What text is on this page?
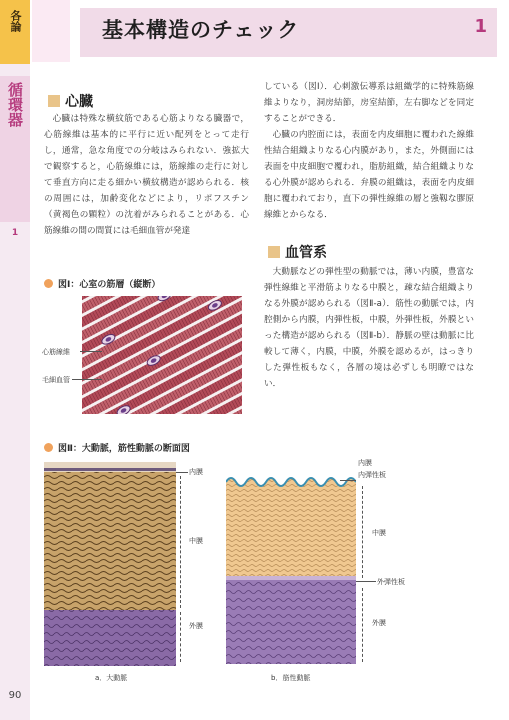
各論
循環器
1
90
基本構造のチェック	1
心臓

心臓は特殊な横紋筋である心筋よりなる臓器で，心筋線維は基本的に平行に近い配列をとって走行し，通常，急な角度での分岐はみられない．強拡大で観察すると，心筋線維には，筋線維の走行に対して垂直方向に走る細かい横紋構造が認められる．核の周囲には，加齢変化などにより，リポフスチン（黄褐色の顆粒）の沈着がみられることがある．心筋線維の間の間質には毛細血管が発達

している（図Ⅰ）．心刺激伝導系は組織学的に特殊筋線維よりなり，洞房結節，房室結節，左右脚などを同定することができる．

心臓の内腔面には，表面を内皮細胞に覆われた線維性結合組織よりなる心内膜があり，また，外側面には表面を中皮細胞で覆われ，脂肪組織，結合組織よりなる心外膜が認められる．弁膜の組織は，表面を内皮細胞に覆われており，直下の弾性線維の層と強靱な膠原線維とからなる．

血管系

大動脈などの弾性型の動脈では，薄い内膜，豊富な弾性線維と平滑筋よりなる中膜と，疎な結合組織よりなる外膜が認められる（図Ⅱ-a）．筋性の動脈では，内腔側から内膜，内弾性板，中膜，外弾性板，外膜といった構造が認められる（図Ⅱ-b）．静脈の壁は動脈に比較して薄く，内膜，中膜，外膜を認めるが，はっきりした弾性板もなく，各層の境は必ずしも明瞭ではない．

図Ⅰ：心室の筋層（縦断）
心筋線維
毛細血管
図Ⅱ：大動脈，筋性動脈の断面図
内膜
中膜
外膜
a．大動脈
内膜
内弾性板
中膜
外弾性板
外膜
b．筋性動脈
